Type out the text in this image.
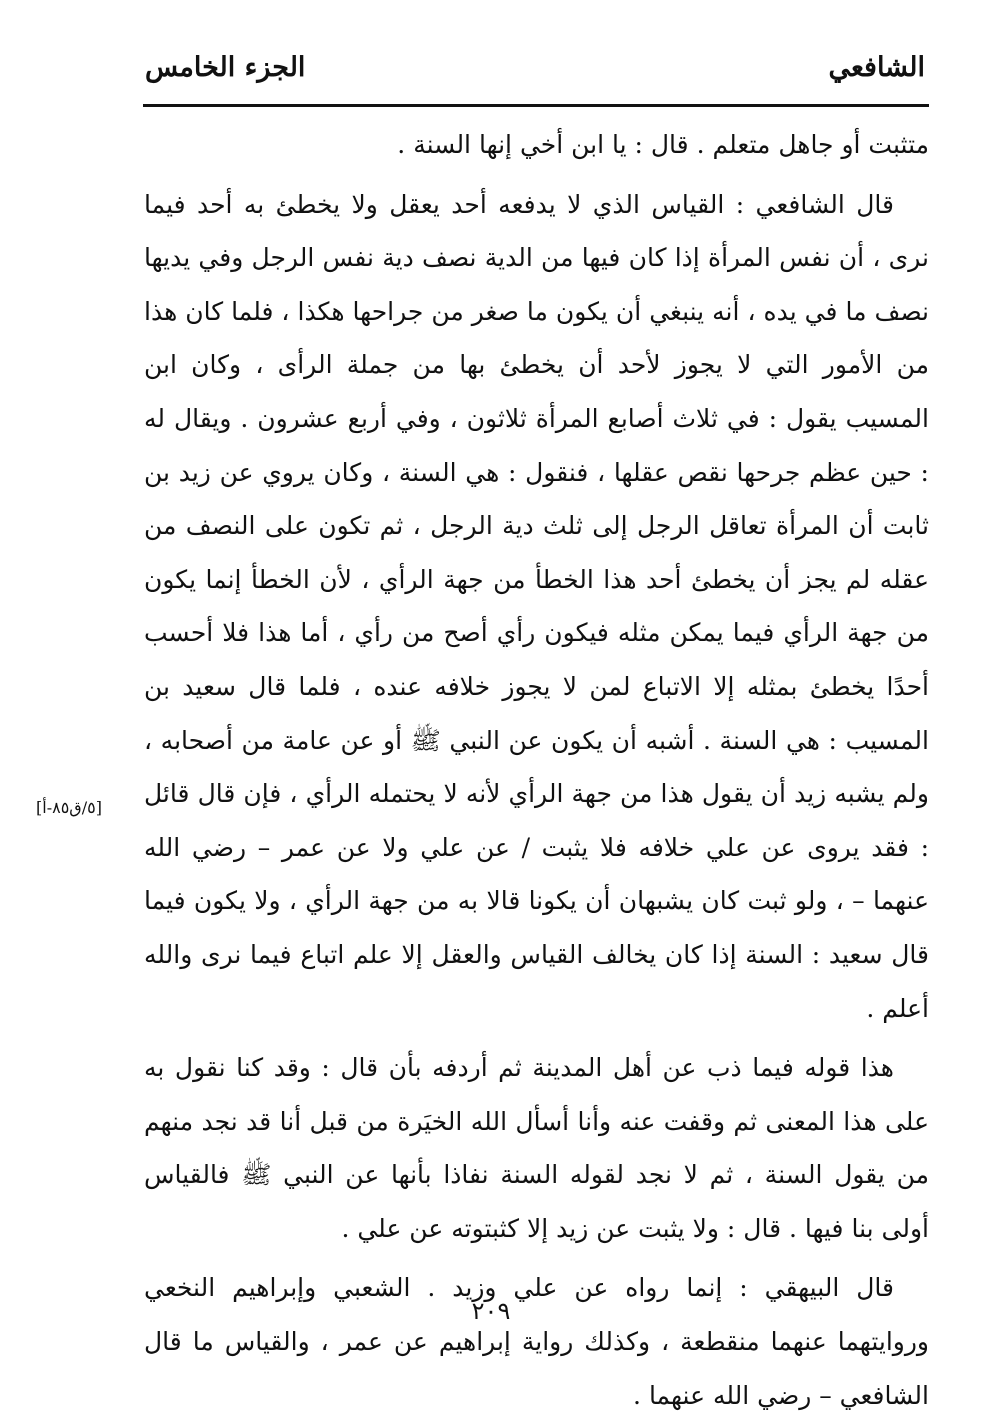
الشافعي
الجزء الخامس

متثبت أو جاهل متعلم . قال : يا ابن أخي إنها السنة .

قال الشافعي : القياس الذي لا يدفعه أحد يعقل ولا يخطئ به أحد فيما نرى ، أن نفس المرأة إذا كان فيها من الدية نصف دية نفس الرجل وفي يديها نصف ما في يده ، أنه ينبغي أن يكون ما صغر من جراحها هكذا ، فلما كان هذا من الأمور التي لا يجوز لأحد أن يخطئ بها من جملة الرأى ، وكان ابن المسيب يقول : في ثلاث أصابع المرأة ثلاثون ، وفي أربع عشرون . ويقال له : حين عظم جرحها نقص عقلها ، فنقول : هي السنة ، وكان يروي عن زيد بن ثابت أن المرأة تعاقل الرجل إلى ثلث دية الرجل ، ثم تكون على النصف من عقله لم يجز أن يخطئ أحد هذا الخطأ من جهة الرأي ، لأن الخطأ إنما يكون من جهة الرأي فيما يمكن مثله فيكون رأي أصح من رأي ، أما هذا فلا أحسب أحدًا يخطئ بمثله إلا الاتباع لمن لا يجوز خلافه عنده ، فلما قال سعيد بن المسيب : هي السنة . أشبه أن يكون عن النبي ﷺ أو عن عامة من أصحابه ، ولم يشبه زيد أن يقول هذا من جهة الرأي لأنه لا يحتمله الرأي ، فإن قال قائل : فقد يروى عن علي خلافه فلا يثبت / عن علي ولا عن عمر – رضي الله عنهما – ، ولو ثبت كان يشبهان أن يكونا قالا به من جهة الرأي ، ولا يكون فيما قال سعيد : السنة إذا كان يخالف القياس والعقل إلا علم اتباع فيما نرى والله أعلم .

هذا قوله فيما ذب عن أهل المدينة ثم أردفه بأن قال : وقد كنا نقول به على هذا المعنى ثم وقفت عنه وأنا أسأل الله الخيَرة من قبل أنا قد نجد منهم من يقول السنة ، ثم لا نجد لقوله السنة نفاذا بأنها عن النبي ﷺ فالقياس أولى بنا فيها . قال : ولا يثبت عن زيد إلا كثبتوته عن علي .

قال البيهقي : إنما رواه عن علي وزيد . الشعبي وإبراهيم النخعي وروايتهما عنهما منقطعة ، وكذلك رواية إبراهيم عن عمر ، والقياس ما قال الشافعي – رضي الله عنهما .

[٥/ق٨٥-أ]
٢٠٩
